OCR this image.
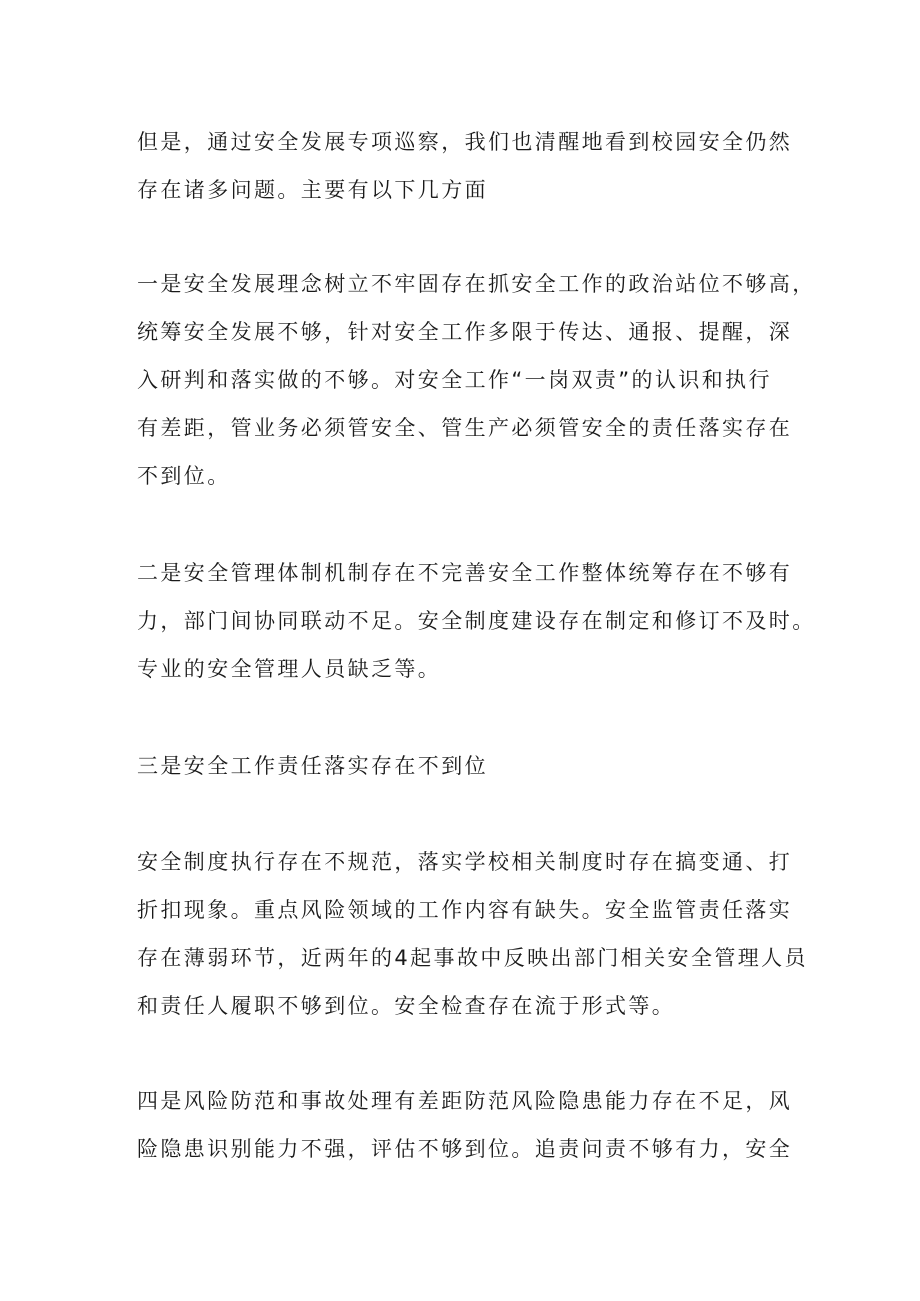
但是，通过安全发展专项巡察，我们也清醒地看到校园安全仍然
存在诸多问题。主要有以下几方面
一是安全发展理念树立不牢固存在抓安全工作的政治站位不够高，
统筹安全发展不够，针对安全工作多限于传达、通报、提醒，深
入研判和落实做的不够。对安全工作“一岗双责”的认识和执行
有差距，管业务必须管安全、管生产必须管安全的责任落实存在
不到位。
二是安全管理体制机制存在不完善安全工作整体统筹存在不够有
力，部门间协同联动不足。安全制度建设存在制定和修订不及时。
专业的安全管理人员缺乏等。
三是安全工作责任落实存在不到位
安全制度执行存在不规范，落实学校相关制度时存在搞变通、打
折扣现象。重点风险领域的工作内容有缺失。安全监管责任落实
存在薄弱环节，近两年的4起事故中反映出部门相关安全管理人员
和责任人履职不够到位。安全检查存在流于形式等。
四是风险防范和事故处理有差距防范风险隐患能力存在不足，风
险隐患识别能力不强，评估不够到位。追责问责不够有力，安全
